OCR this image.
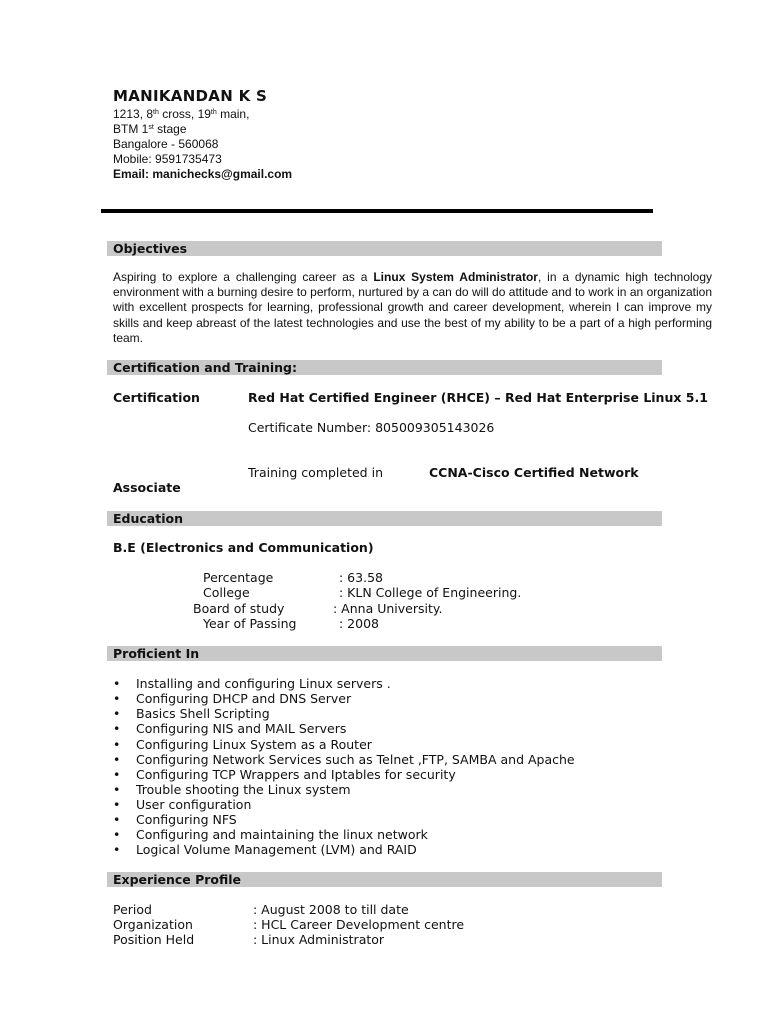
MANIKANDAN K S
1213, 8th cross, 19th main,
BTM 1st stage
Bangalore - 560068
Mobile: 9591735473
Email: manichecks@gmail.com
Objectives
Aspiring to explore a challenging career as a Linux System Administrator, in a dynamic high technology environment with a burning desire to perform, nurtured by a can do will do attitude and to work in an organization with excellent prospects for learning, professional growth and career development, wherein I can improve my skills and keep abreast of the latest technologies and use the best of my ability to be a part of a high performing team.
Certification and Training:
Certification	Red Hat Certified Engineer (RHCE) – Red Hat Enterprise Linux 5.1
Certificate Number: 805009305143026
Training completed in	CCNA-Cisco Certified Network
Associate
Education
B.E (Electronics and Communication)
Percentage	: 63.58
College	: KLN College of Engineering.
Board of study	: Anna University.
Year of Passing	: 2008
Proficient In
• Installing and configuring Linux servers .
• Configuring DHCP and DNS Server
• Basics Shell Scripting
• Configuring NIS and MAIL Servers
• Configuring Linux System as a Router
• Configuring Network Services such as Telnet ,FTP, SAMBA and Apache
• Configuring TCP Wrappers and Iptables for security
• Trouble shooting the Linux system
• User configuration
• Configuring NFS
• Configuring and maintaining the linux network
• Logical Volume Management (LVM) and RAID
Experience Profile
Period	: August 2008 to till date
Organization	: HCL Career Development centre
Position Held	: Linux Administrator
